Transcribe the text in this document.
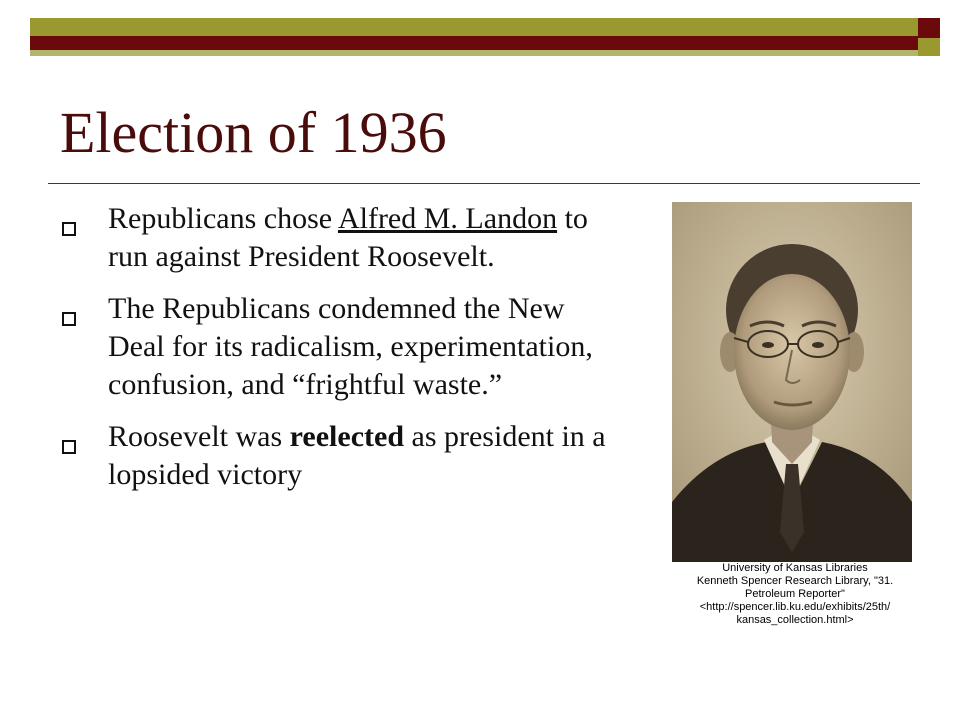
Election of 1936
Republicans chose Alfred M. Landon to run against President Roosevelt.
The Republicans condemned the New Deal for its radicalism, experimentation, confusion, and “frightful waste.”
Roosevelt was reelected as president in a lopsided victory
University of Kansas Libraries
Kenneth Spencer Research Library, "31.
Petroleum Reporter"
<http://spencer.lib.ku.edu/exhibits/25th/
kansas_collection.html>
